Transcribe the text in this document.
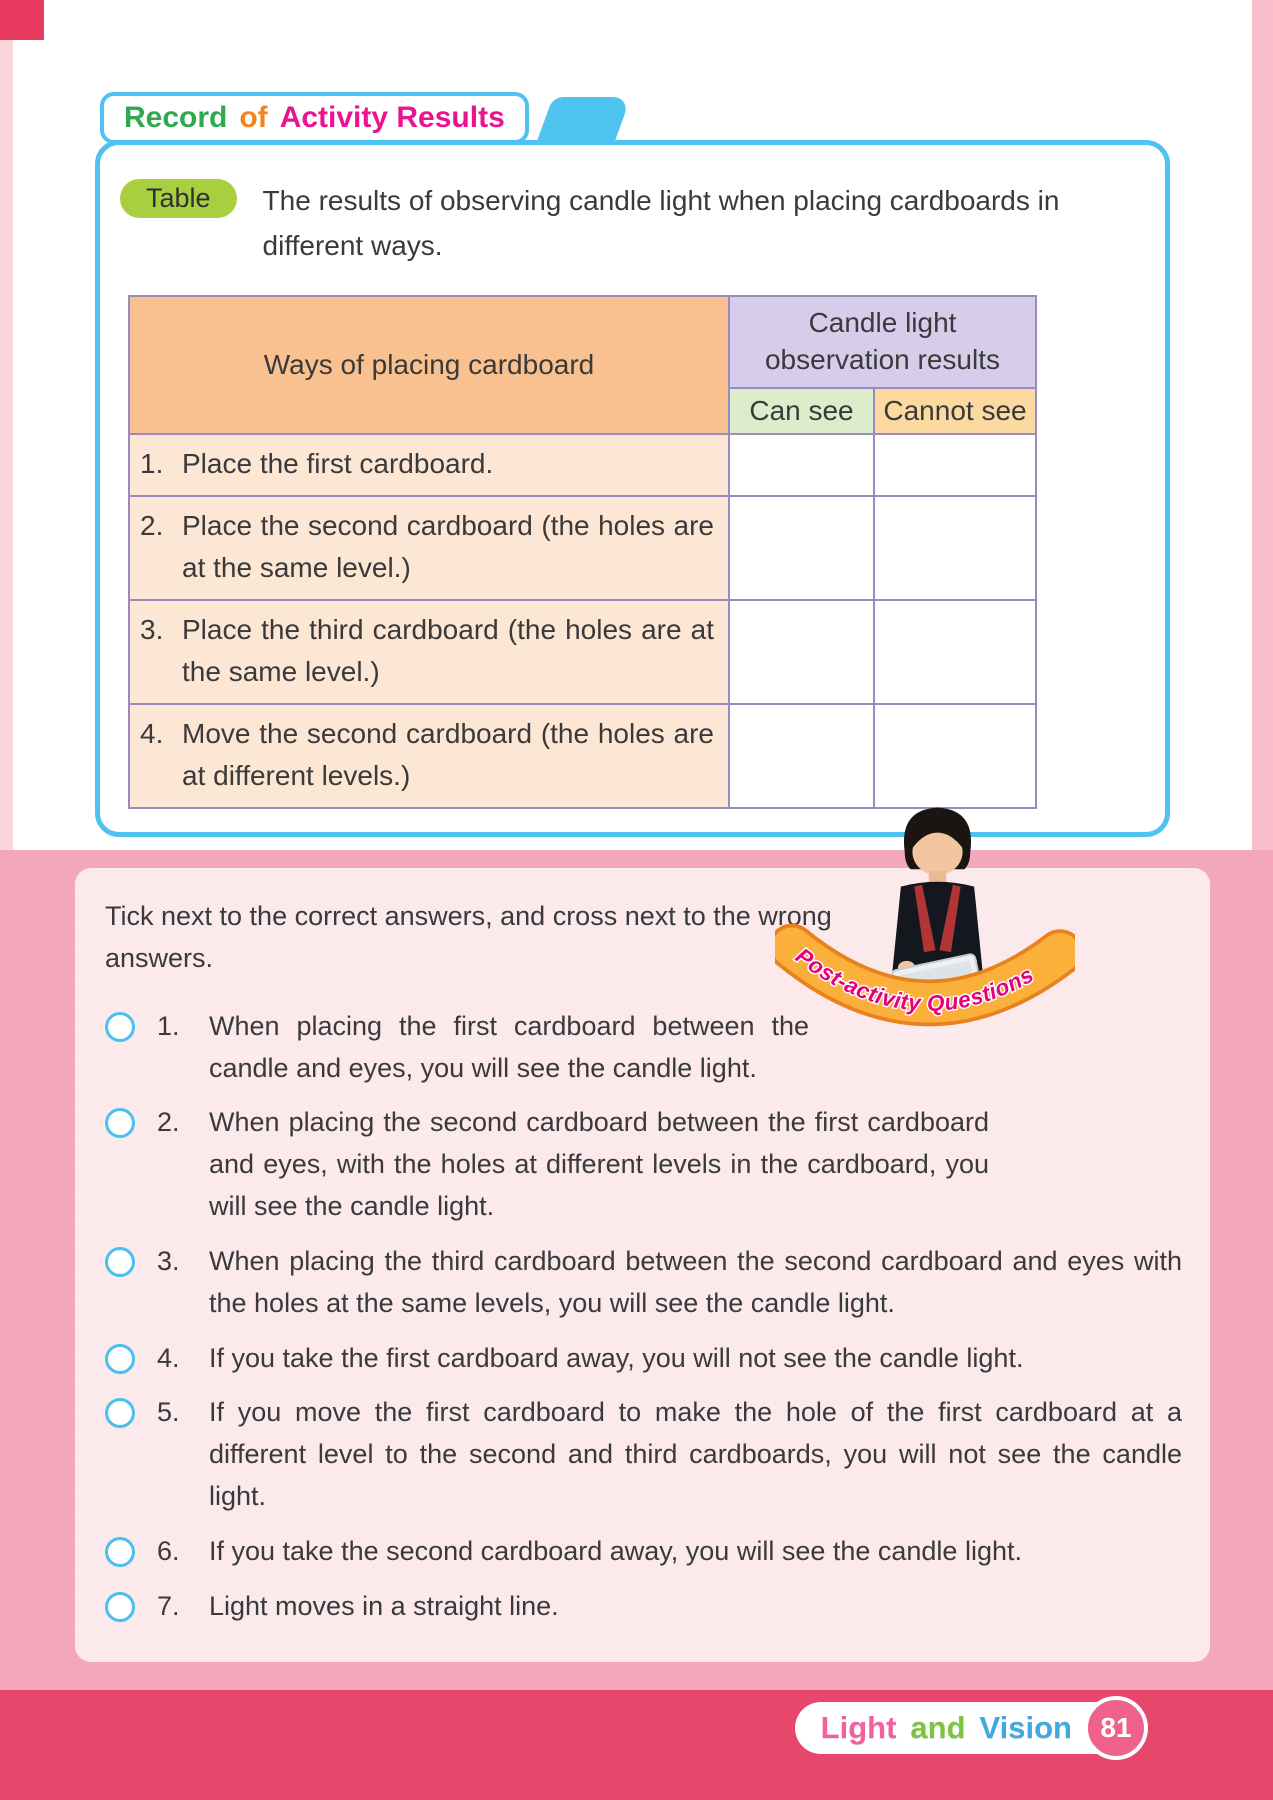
Record of Activity Results
Table	The results of observing candle light when placing cardboards in different ways.
Ways of placing cardboard	Candle light observation results	
	Can see	Cannot see

1. Place the first cardboard.		

2. Place the second cardboard (the holes are at the same level.)		

3. Place the third cardboard (the holes are at the same level.)		

4. Move the second cardboard (the holes are at different levels.)		

Tick next to the correct answers, and cross next to the wrong answers.	Post-activity Questions
1.	When placing the first cardboard between the candle and eyes, you will see the candle light.
2.	When placing the second cardboard between the first cardboard and eyes, with the holes at different levels in the cardboard, you will see the candle light.
3.	When placing the third cardboard between the second cardboard and eyes with the holes at the same levels, you will see the candle light.
4.	If you take the first cardboard away, you will not see the candle light.
5.	If you move the first cardboard to make the hole of the first cardboard at a different level to the second and third cardboards, you will not see the candle light.
6.	If you take the second cardboard away, you will see the candle light.
7.	Light moves in a straight line.
Light and Vision	81
